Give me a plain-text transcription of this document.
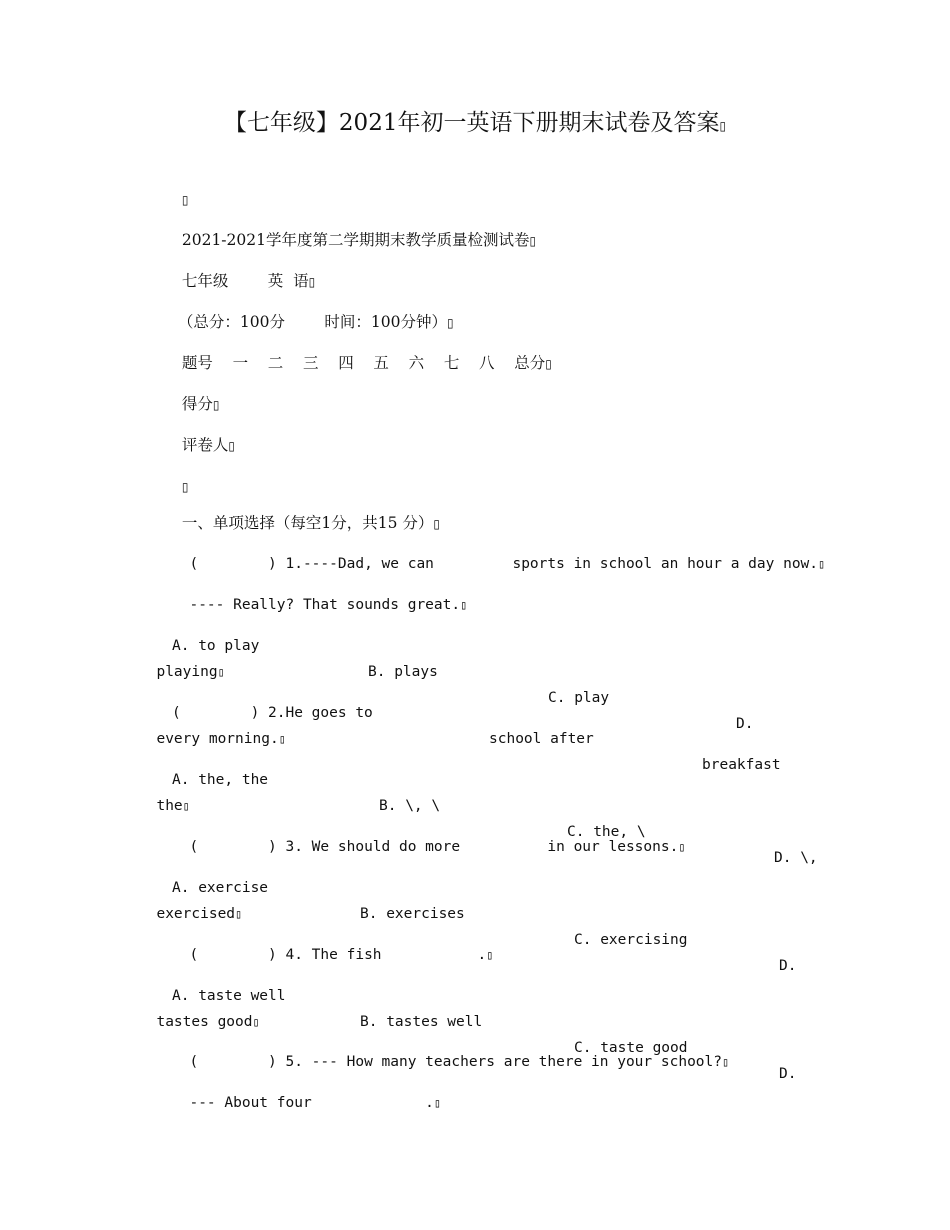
【七年级】2021年初一英语下册期末试卷及答案▯

▯

2021-2021学年度第二学期期末教学质量检测试卷▯

七年级        英  语▯

（总分：100分        时间：100分钟）▯

题号    一    二    三    四    五    六    七    八    总分▯

得分▯

评卷人▯

▯

一、单项选择（每空1分，共15 分）▯

(        ) 1.----Dad, we can         sports in school an hour a day now.▯

---- Really? That sounds great.▯

A. to play

B. plays

C. play

D.

playing▯

(        ) 2.He goes to

school after

breakfast

every morning.▯

A. the, the

B. \, \

C. the, \

D. \,

the▯

(        ) 3. We should do more          in our lessons.▯

A. exercise

B. exercises

C. exercising

D.

exercised▯

(        ) 4. The fish           .▯

A. taste well

B. tastes well

C. taste good

D.

tastes good▯

(        ) 5. --- How many teachers are there in your school?▯

--- About four             .▯
